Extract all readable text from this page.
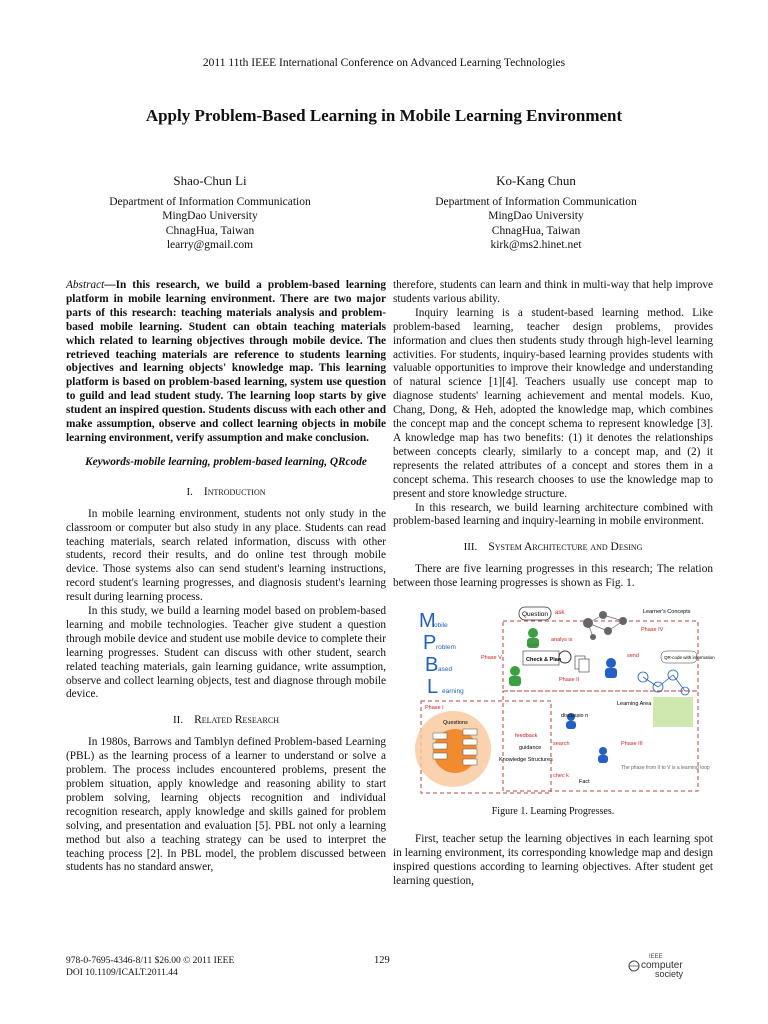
2011 11th IEEE International Conference on Advanced Learning Technologies
Apply Problem-Based Learning in Mobile Learning Environment
Shao-Chun Li
Department of Information Communication
MingDao University
ChnagHua, Taiwan
learry@gmail.com
Ko-Kang Chun
Department of Information Communication
MingDao University
ChnagHua, Taiwan
kirk@ms2.hinet.net

Abstract—In this research, we build a problem-based learning platform in mobile learning environment. There are two major parts of this research: teaching materials analysis and problem-based mobile learning. Student can obtain teaching materials which related to learning objectives through mobile device. The retrieved teaching materials are reference to students learning objectives and learning objects' knowledge map. This learning platform is based on problem-based learning, system use question to guild and lead student study. The learning loop starts by give student an inspired question. Students discuss with each other and make assumption, observe and collect learning objects in mobile learning environment, verify assumption and make conclusion.

Keywords-mobile learning, problem-based learning, QRcode

I. Introduction

In mobile learning environment, students not only study in the classroom or computer but also study in any place. Students can read teaching materials, search related information, discuss with other students, record their results, and do online test through mobile device. Those systems also can send student's learning instructions, record student's learning progresses, and diagnosis student's learning result during learning process.

In this study, we build a learning model based on problem-based learning and mobile technologies. Teacher give student a question through mobile device and student use mobile device to complete their learning progresses. Student can discuss with other student, search related teaching materials, gain learning guidance, write assumption, observe and collect learning objects, test and diagnose through mobile device.

II. Related Research

In 1980s, Barrows and Tamblyn defined Problem-based Learning (PBL) as the learning process of a learner to understand or solve a problem. The process includes encountered problems, present the problem situation, apply knowledge and reasoning ability to start problem solving, learning objects recognition and individual recognition research, apply knowledge and skills gained for problem solving, and presentation and evaluation [5]. PBL not only a learning method but also a teaching strategy can be used to interpret the teaching process [2]. In PBL model, the problem discussed between students has no standard answer,

therefore, students can learn and think in multi-way that help improve students various ability.

Inquiry learning is a student-based learning method. Like problem-based learning, teacher design problems, provides information and clues then students study through high-level learning activities. For students, inquiry-based learning provides students with valuable opportunities to improve their knowledge and understanding of natural science [1][4]. Teachers usually use concept map to diagnose students' learning achievement and mental models. Kuo, Chang, Dong, & Heh, adopted the knowledge map, which combines the concept map and the concept schema to represent knowledge [3]. A knowledge map has two benefits: (1) it denotes the relationships between concepts clearly, similarly to a concept map, and (2) it represents the related attributes of a concept and stores them in a concept schema. This research chooses to use the knowledge map to present and store knowledge structure.

In this research, we build learning architecture combined with problem-based learning and inquiry-learning in mobile environment.

III. System Architecture and Desing

There are five learning progresses in this research; The relation between those learning progresses is shown as Fig. 1.

M
P
B
L
obile
roblem
ased
earning
Question ask	Learner's Concepts
Phase IV
Phase V
analys is
Check & Plan
send	QR-code with information
Phase II
Learning Area
Phase I
Questions
discussio n
feedback
guidance
search
Knowledge Structures
Phase III
The phase from II to V is a learning loop
chec k
Fact
Agent

Figure 1. Learning Progresses.

First, teacher setup the learning objectives in each learning spot in learning environment, its corresponding knowledge map and design inspired questions according to learning objectives. After student get learning question,

978-0-7695-4346-8/11 $26.00 © 2011 IEEE
DOI 10.1109/ICALT.2011.44
129	IEEE
computer
society
